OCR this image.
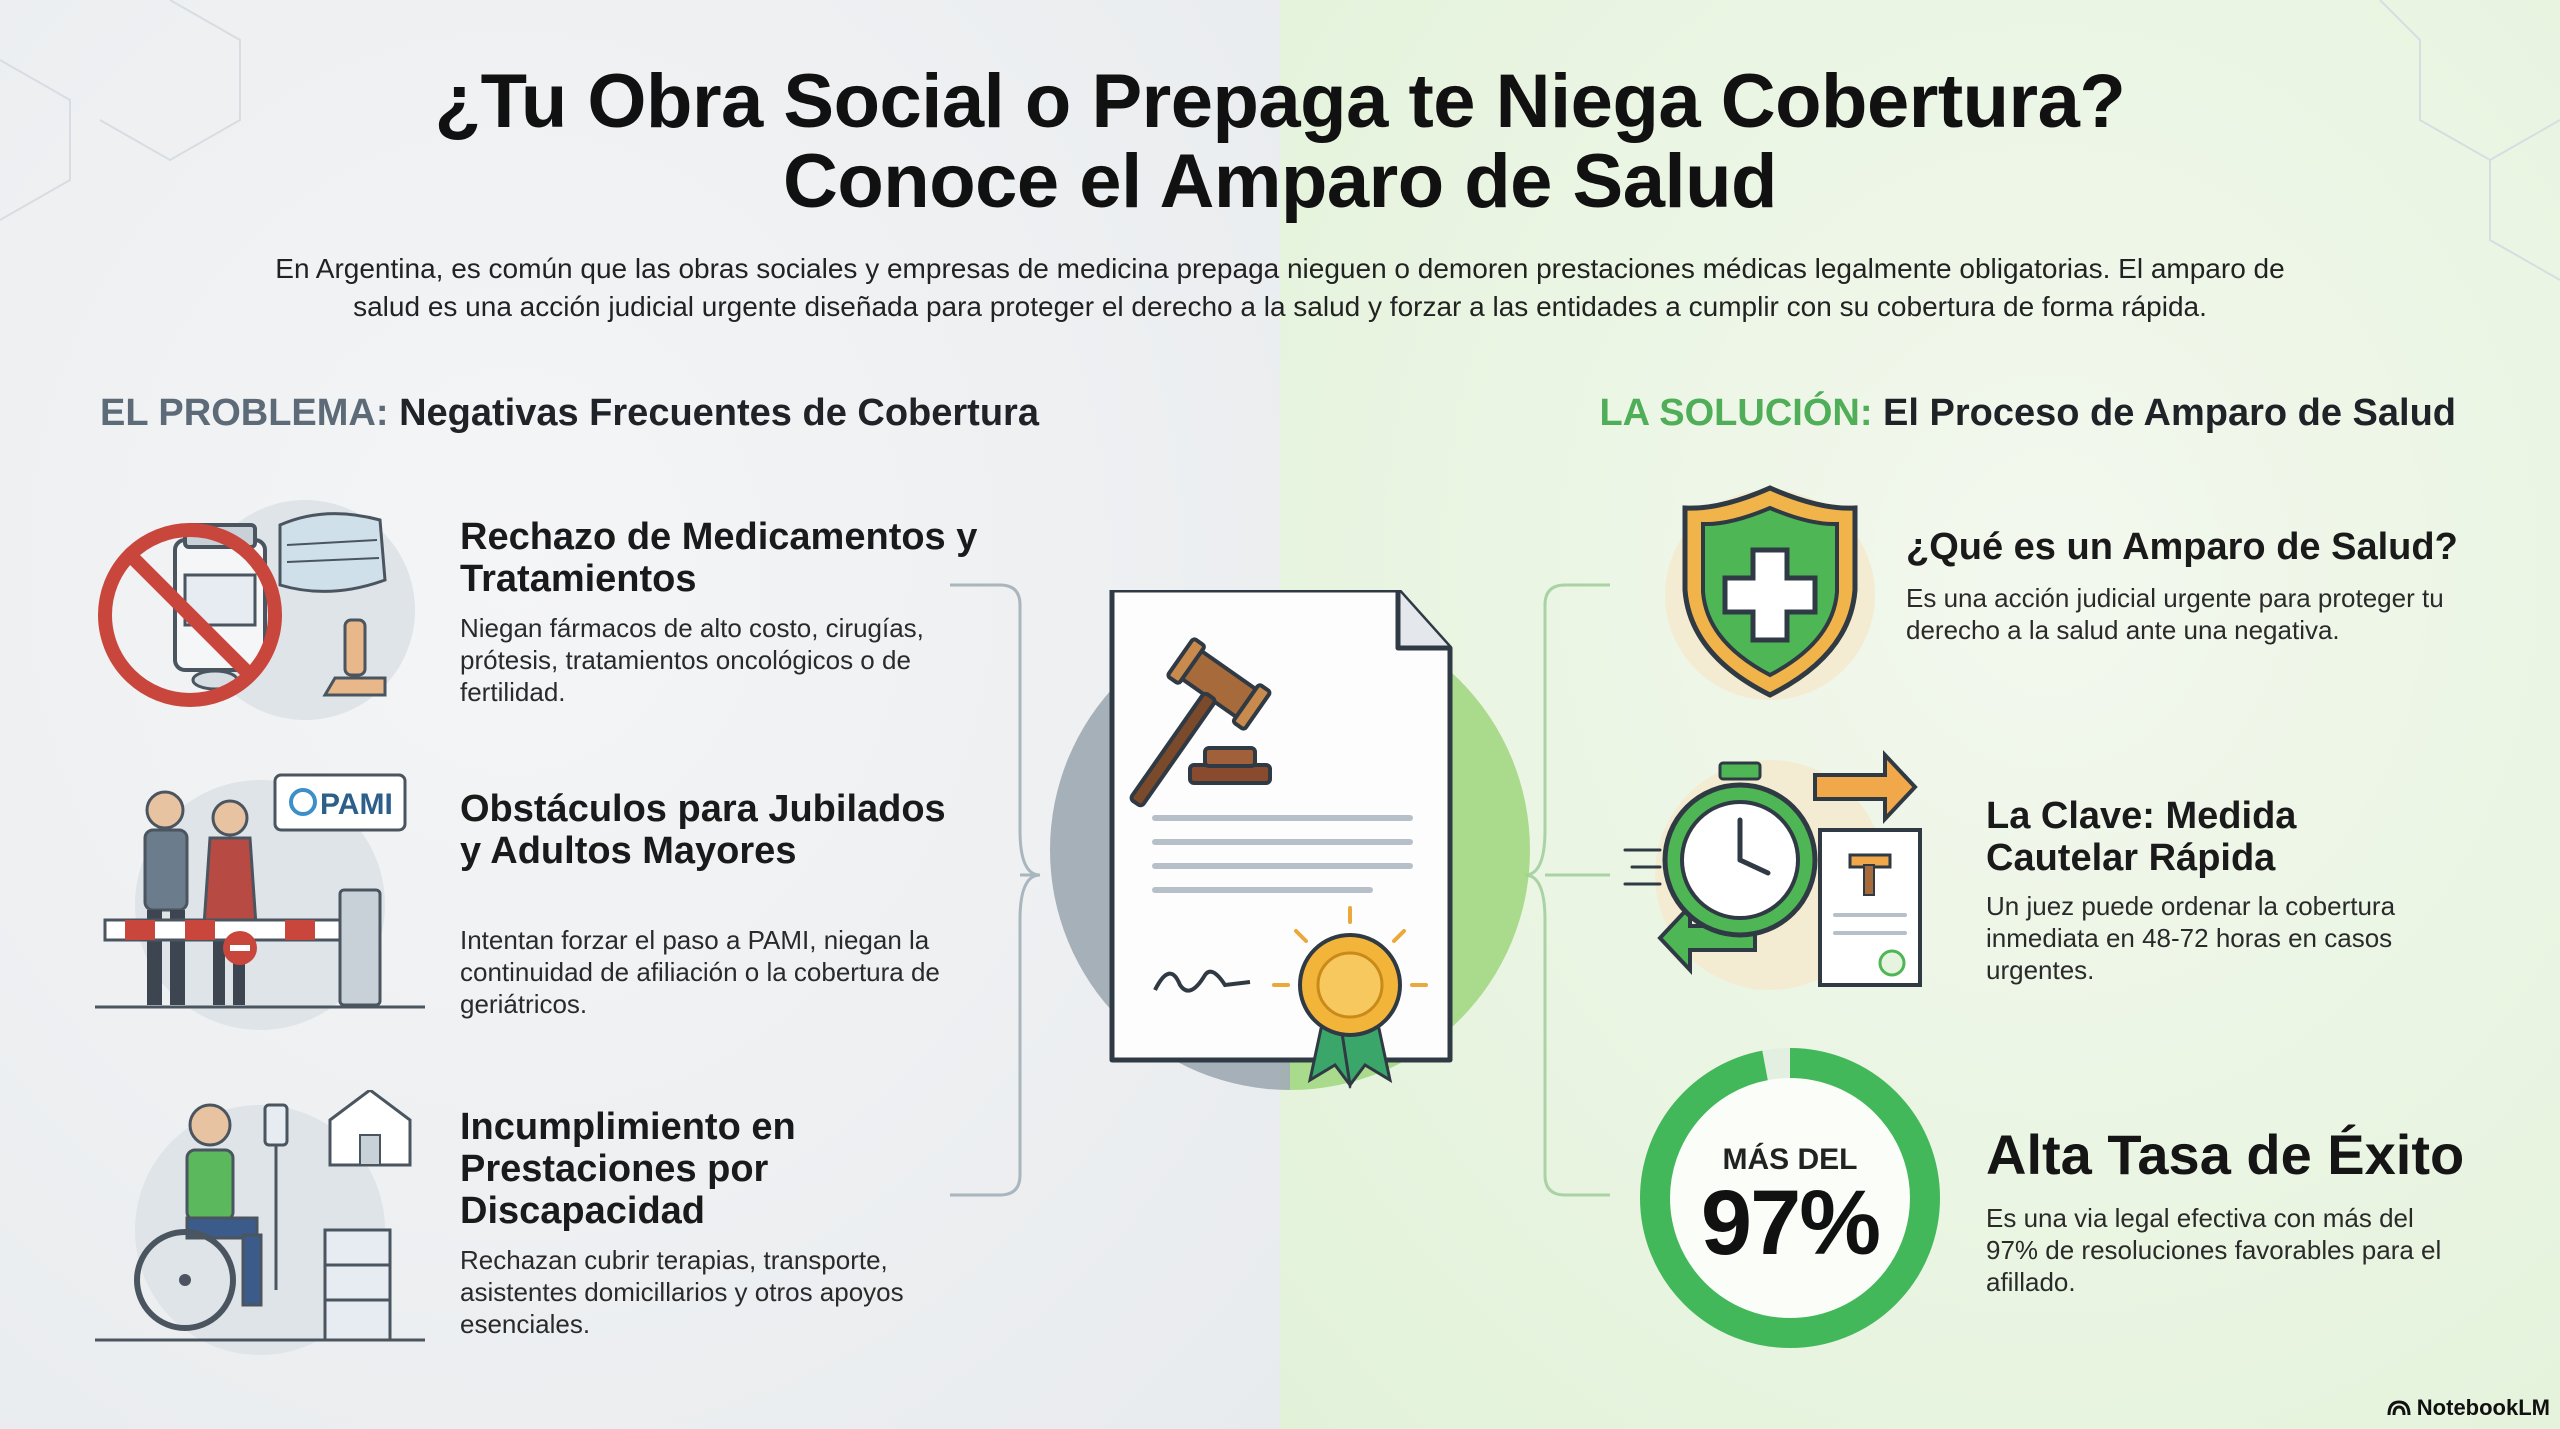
¿Tu Obra Social o Prepaga te Niega Cobertura?
Conoce el Amparo de Salud
En Argentina, es común que las obras sociales y empresas de medicina prepaga nieguen o demoren prestaciones médicas legalmente obligatorias. El amparo de salud es una acción judicial urgente diseñada para proteger el derecho a la salud y forzar a las entidades a cumplir con su cobertura de forma rápida.
EL PROBLEMA: Negativas Frecuentes de Cobertura	LA SOLUCIÓN: El Proceso de Amparo de Salud
Rechazo de Medicamentos y Tratamientos
Niegan fármacos de alto costo, cirugías, prótesis, tratamientos oncológicos o de fertilidad.
PAMI Obstáculos para Jubilados y Adultos Mayores
Intentan forzar el paso a PAMI, niegan la continuidad de afiliación o la cobertura de geriátricos.
Incumplimiento en Prestaciones por Discapacidad
Rechazan cubrir terapias, transporte, asistentes domicillarios y otros apoyos esenciales.
¿Qué es un Amparo de Salud?
Es una acción judicial urgente para proteger tu derecho a la salud ante una negativa.
La Clave: Medida Cautelar Rápida
Un juez puede ordenar la cobertura inmediata en 48-72 horas en casos urgentes.
MÁS DEL
97%
Alta Tasa de Éxito
Es una via legal efectiva con más del 97% de resoluciones favorables para el afillado.
NotebookLM
